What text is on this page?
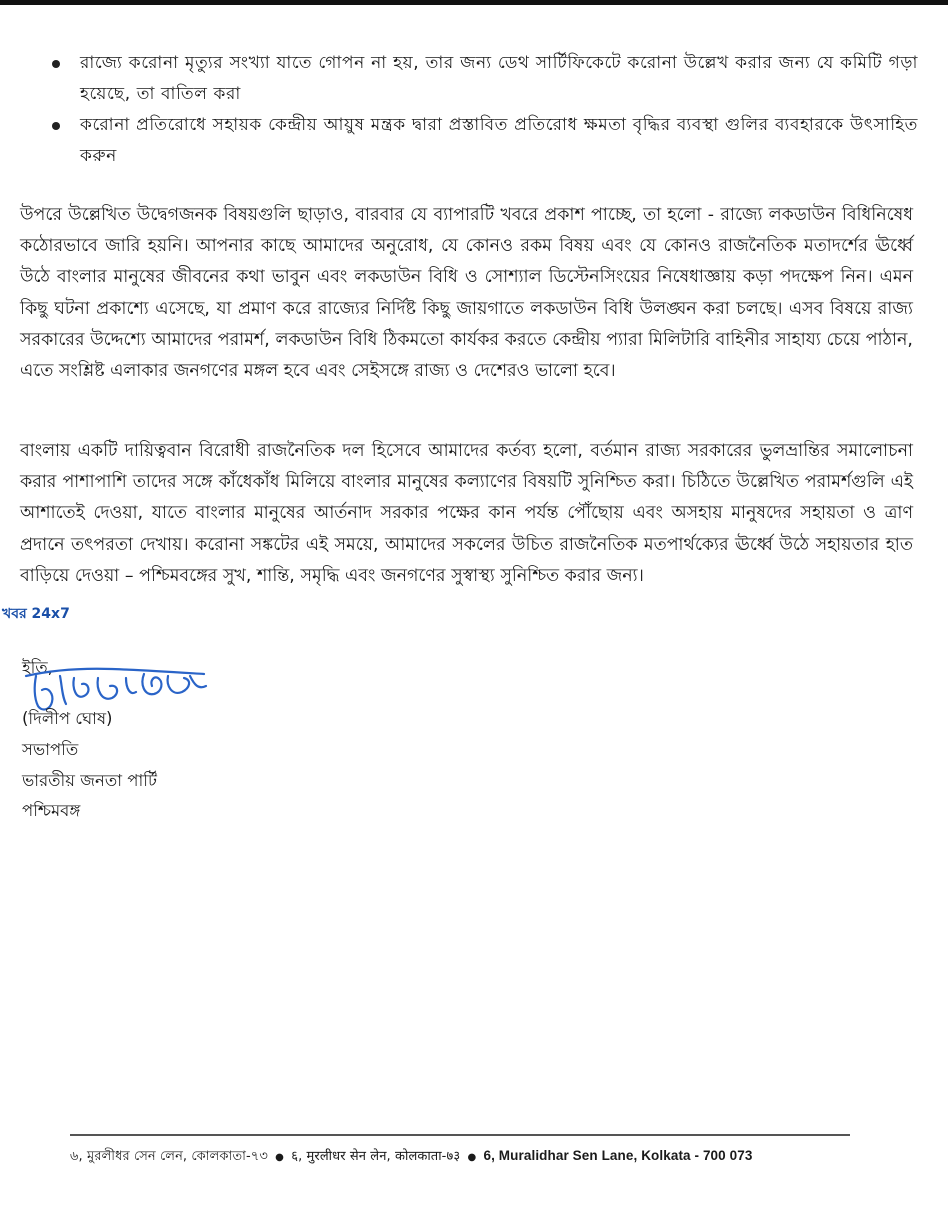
রাজ্যে করোনা মৃত্যুর সংখ্যা যাতে গোপন না হয়, তার জন্য ডেথ সার্টিফিকেটে করোনা উল্লেখ করার জন্য যে কমিটি গড়া হয়েছে, তা বাতিল করা
করোনা প্রতিরোধে সহায়ক কেন্দ্রীয় আয়ুষ মন্ত্রক দ্বারা প্রস্তাবিত প্রতিরোধ ক্ষমতা বৃদ্ধির ব্যবস্থা গুলির ব্যবহারকে উৎসাহিত করুন

উপরে উল্লেখিত উদ্বেগজনক বিষয়গুলি ছাড়াও, বারবার যে ব্যাপারটি খবরে প্রকাশ পাচ্ছে, তা হলো - রাজ্যে লকডাউন বিধিনিষেধ কঠোরভাবে জারি হয়নি। আপনার কাছে আমাদের অনুরোধ, যে কোনও রকম বিষয় এবং যে কোনও রাজনৈতিক মতাদর্শের ঊর্ধ্বে উঠে বাংলার মানুষের জীবনের কথা ভাবুন এবং লকডাউন বিধি ও সোশ্যাল ডিস্টেনসিংয়ের নিষেধাজ্ঞায় কড়া পদক্ষেপ নিন। এমন কিছু ঘটনা প্রকাশ্যে এসেছে, যা প্রমাণ করে রাজ্যের নির্দিষ্ট কিছু জায়গাতে লকডাউন বিধি উলঙ্ঘন করা চলছে। এসব বিষয়ে রাজ্য সরকারের উদ্দেশ্যে আমাদের পরামর্শ, লকডাউন বিধি ঠিকমতো কার্যকর করতে কেন্দ্রীয় প্যারা মিলিটারি বাহিনীর সাহায্য চেয়ে পাঠান, এতে সংশ্লিষ্ট এলাকার জনগণের মঙ্গল হবে এবং সেইসঙ্গে রাজ্য ও দেশেরও ভালো হবে।

বাংলায় একটি দায়িত্ববান বিরোধী রাজনৈতিক দল হিসেবে আমাদের কর্তব্য হলো, বর্তমান রাজ্য সরকারের ভুলভ্রান্তির সমালোচনা করার পাশাপাশি তাদের সঙ্গে কাঁধেকাঁধ মিলিয়ে বাংলার মানুষের কল্যাণের বিষয়টি সুনিশ্চিত করা। চিঠিতে উল্লেখিত পরামর্শগুলি এই আশাতেই দেওয়া, যাতে বাংলার মানুষের আর্তনাদ সরকার পক্ষের কান পর্যন্ত পৌঁছোয় এবং অসহায় মানুষদের সহায়তা ও ত্রাণ প্রদানে তৎপরতা দেখায়। করোনা সঙ্কটের এই সময়ে, আমাদের সকলের উচিত রাজনৈতিক মতপার্থক্যের ঊর্ধ্বে উঠে সহায়তার হাত বাড়িয়ে দেওয়া – পশ্চিমবঙ্গের সুখ, শান্তি, সমৃদ্ধি এবং জনগণের সুস্বাস্থ্য সুনিশ্চিত করার জন্য।

খবর 24x7
ইতি,
(দিলীপ ঘোষ)
সভাপতি
ভারতীয় জনতা পার্টি
পশ্চিমবঙ্গ
৬, মুরলীধর সেন লেন, কোলকাতা-৭৩ ● ६, मुरलीधर सेन लेन, कोलकाता-७३ ● 6, Muralidhar Sen Lane, Kolkata - 700 073
